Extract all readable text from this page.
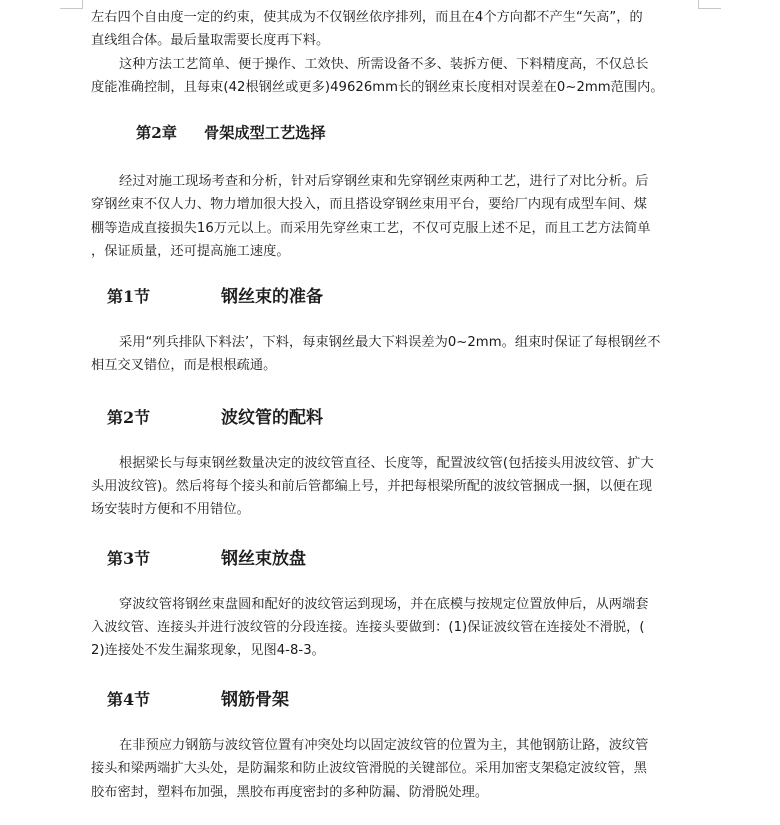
左右四个自由度一定的约束，使其成为不仅钢丝依序排列，而且在4个方向都不产生“矢高”，的
直线组合体。最后量取需要长度再下料。

这种方法工艺简单、便于操作、工效快、所需设备不多、装拆方便、下料精度高，不仅总长
度能准确控制，且每束(42根钢丝或更多)49626mm长的钢丝束长度相对误差在0~2mm范围内。

第2章 骨架成型工艺选择

经过对施工现场考查和分析，针对后穿钢丝束和先穿钢丝束两种工艺，进行了对比分析。后
穿钢丝束不仅人力、物力增加很大投入，而且搭设穿钢丝束用平台，要给厂内现有成型车间、煤
棚等造成直接损失16万元以上。而采用先穿丝束工艺，不仅可克服上述不足，而且工艺方法简单
，保证质量，还可提高施工速度。

第1节	钢丝束的准备

采用“列兵排队下料法’，下料，每束钢丝最大下料误差为0~2mm。组束时保证了每根钢丝不
相互交叉错位，而是根根疏通。

第2节	波纹管的配料

根据梁长与每束钢丝数量决定的波纹管直径、长度等，配置波纹管(包括接头用波纹管、扩大
头用波纹管)。然后将每个接头和前后管都编上号，并把每根梁所配的波纹管捆成一捆，以便在现
场安装时方便和不用错位。

第3节	钢丝束放盘

穿波纹管将钢丝束盘圆和配好的波纹管运到现场，并在底模与按规定位置放伸后，从两端套
入波纹管、连接头并进行波纹管的分段连接。连接头要做到：(1)保证波纹管在连接处不滑脱，(
2)连接处不发生漏浆现象，见图4-8-3。

第4节	钢筋骨架

在非预应力钢筋与波纹管位置有冲突处均以固定波纹管的位置为主，其他钢筋让路，波纹管
接头和梁两端扩大头处，是防漏浆和防止波纹管滑脱的关键部位。采用加密支架稳定波纹管，黑
胶布密封，塑料布加强，黑胶布再度密封的多种防漏、防滑脱处理。
